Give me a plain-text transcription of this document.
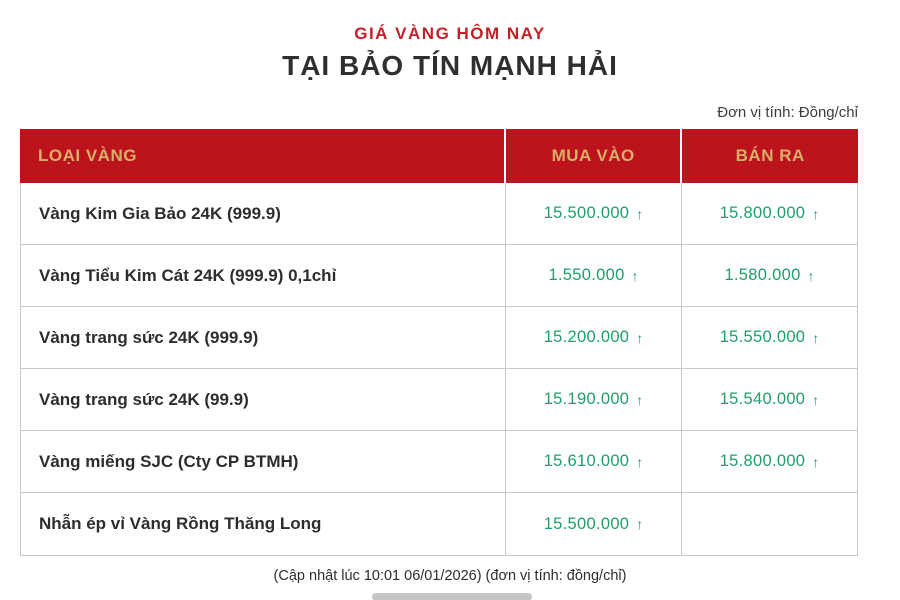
GIÁ VÀNG HÔM NAY
TẠI BẢO TÍN MẠNH HẢI
Đơn vị tính: Đồng/chỉ
LOẠI VÀNG	MUA VÀO	BÁN RA
Vàng Kim Gia Bảo 24K (999.9)	15.500.000 ↑	15.800.000 ↑
Vàng Tiểu Kim Cát 24K (999.9) 0,1chỉ	1.550.000 ↑	1.580.000 ↑
Vàng trang sức 24K (999.9)	15.200.000 ↑	15.550.000 ↑
Vàng trang sức 24K (99.9)	15.190.000 ↑	15.540.000 ↑
Vàng miếng SJC (Cty CP BTMH)	15.610.000 ↑	15.800.000 ↑
Nhẫn ép vỉ Vàng Rồng Thăng Long	15.500.000 ↑
(Cập nhật lúc 10:01 06/01/2026) (đơn vị tính: đồng/chỉ)
